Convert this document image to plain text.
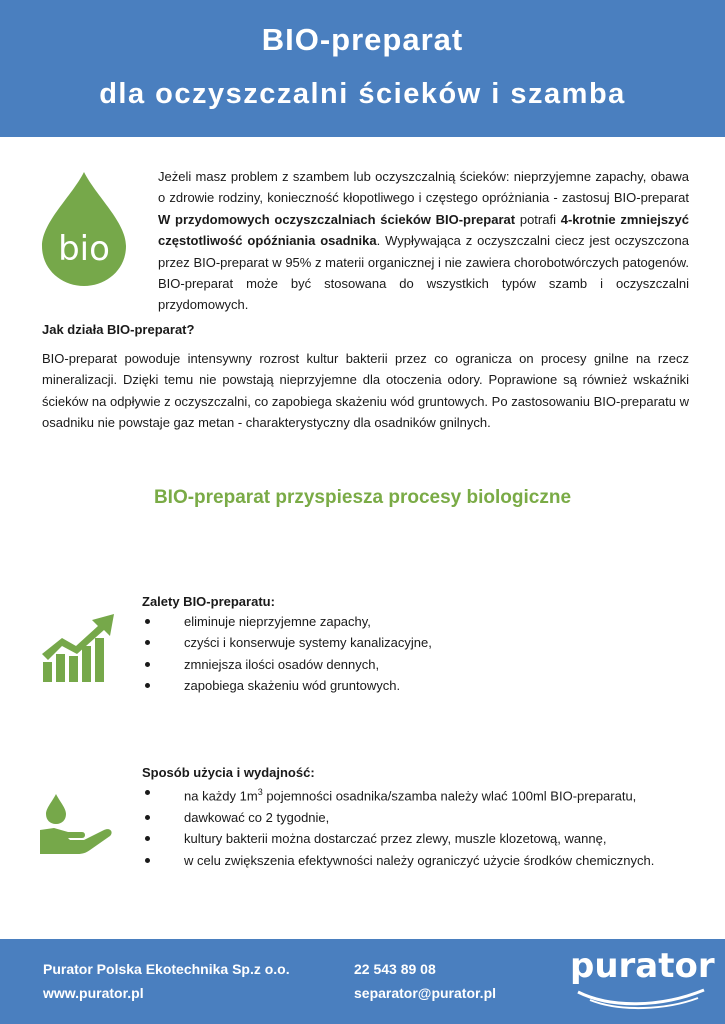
BIO-preparat
dla oczyszczalni ścieków i szamba
bio
Jeżeli masz problem z szambem lub oczyszczalnią ścieków: nieprzyjemne zapachy, obawa o zdrowie rodziny, konieczność kłopotliwego i częstego opróżniania - zastosuj BIO-preparat W przydomowych oczyszczalniach ścieków BIO-preparat potrafi 4-krotnie zmniejszyć częstotliwość opóźniania osadnika. Wypływająca z oczyszczalni ciecz jest oczyszczona przez BIO-preparat w 95% z materii organicznej i nie zawiera chorobotwórczych patogenów. BIO-preparat może być stosowana do wszystkich typów szamb i oczyszczalni przydomowych.
Jak działa BIO-preparat?
BIO-preparat powoduje intensywny rozrost kultur bakterii przez co ogranicza on procesy gnilne na rzecz mineralizacji. Dzięki temu nie powstają nieprzyjemne dla otoczenia odory. Poprawione są również wskaźniki ścieków na odpływie z oczyszczalni, co zapobiega skażeniu wód gruntowych. Po zastosowaniu BIO-preparatu w osadniku nie powstaje gaz metan - charakterystyczny dla osadników gnilnych.
BIO-preparat przyspiesza procesy biologiczne
Zalety BIO-preparatu:
eliminuje nieprzyjemne zapachy,
czyści i konserwuje systemy kanalizacyjne,
zmniejsza ilości osadów dennych,
zapobiega skażeniu wód gruntowych.
Sposób użycia i wydajność:
na każdy $1m^3$ pojemności osadnika/szamba należy wlać 100ml BIO-preparatu,
dawkować co 2 tygodnie,
kultury bakterii można dostarczać przez zlewy, muszle klozetową, wannę,
w celu zwiększenia efektywności należy ograniczyć użycie środków chemicznych.
Purator Polska Ekotechnika Sp.z o.o.
www.purator.pl
22 543 89 08
separator@purator.pl
purator
